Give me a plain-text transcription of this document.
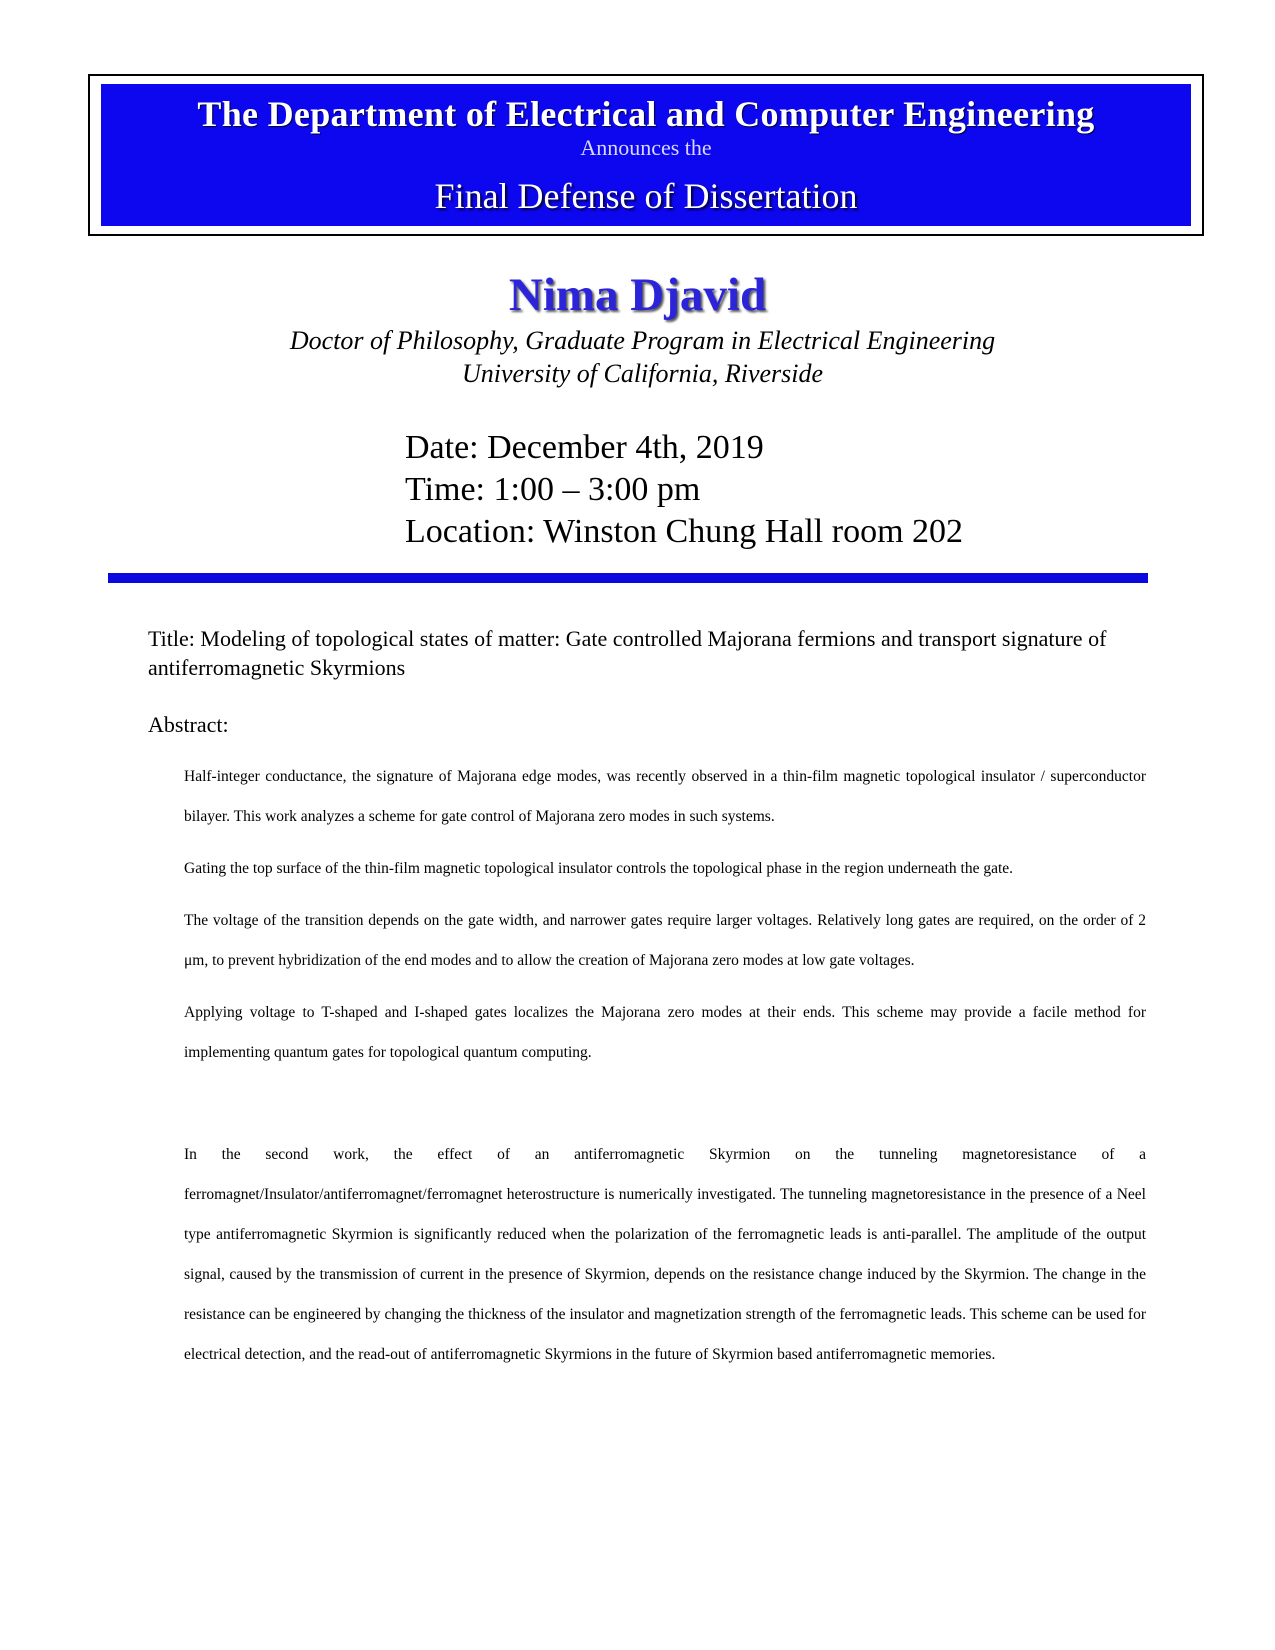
The Department of Electrical and Computer Engineering
Announces the
Final Defense of Dissertation
Nima Djavid
Doctor of Philosophy, Graduate Program in Electrical Engineering
University of California, Riverside
Date: December 4th, 2019
Time: 1:00 – 3:00 pm
Location: Winston Chung Hall room 202
Title: Modeling of topological states of matter: Gate controlled Majorana fermions and transport signature of antiferromagnetic Skyrmions
Abstract:

Half-integer conductance, the signature of Majorana edge modes, was recently observed in a thin-film magnetic topological insulator / superconductor bilayer. This work analyzes a scheme for gate control of Majorana zero modes in such systems.

Gating the top surface of the thin-film magnetic topological insulator controls the topological phase in the region underneath the gate.

The voltage of the transition depends on the gate width, and narrower gates require larger voltages. Relatively long gates are required, on the order of 2 μm, to prevent hybridization of the end modes and to allow the creation of Majorana zero modes at low gate voltages.

Applying voltage to T-shaped and I-shaped gates localizes the Majorana zero modes at their ends. This scheme may provide a facile method for implementing quantum gates for topological quantum computing.

In the second work, the effect of an antiferromagnetic Skyrmion on the tunneling magnetoresistance of a ferromagnet/Insulator/antiferromagnet/ferromagnet heterostructure is numerically investigated. The tunneling magnetoresistance in the presence of a Neel type antiferromagnetic Skyrmion is significantly reduced when the polarization of the ferromagnetic leads is anti-parallel. The amplitude of the output signal, caused by the transmission of current in the presence of Skyrmion, depends on the resistance change induced by the Skyrmion. The change in the resistance can be engineered by changing the thickness of the insulator and magnetization strength of the ferromagnetic leads. This scheme can be used for electrical detection, and the read-out of antiferromagnetic Skyrmions in the future of Skyrmion based antiferromagnetic memories.
